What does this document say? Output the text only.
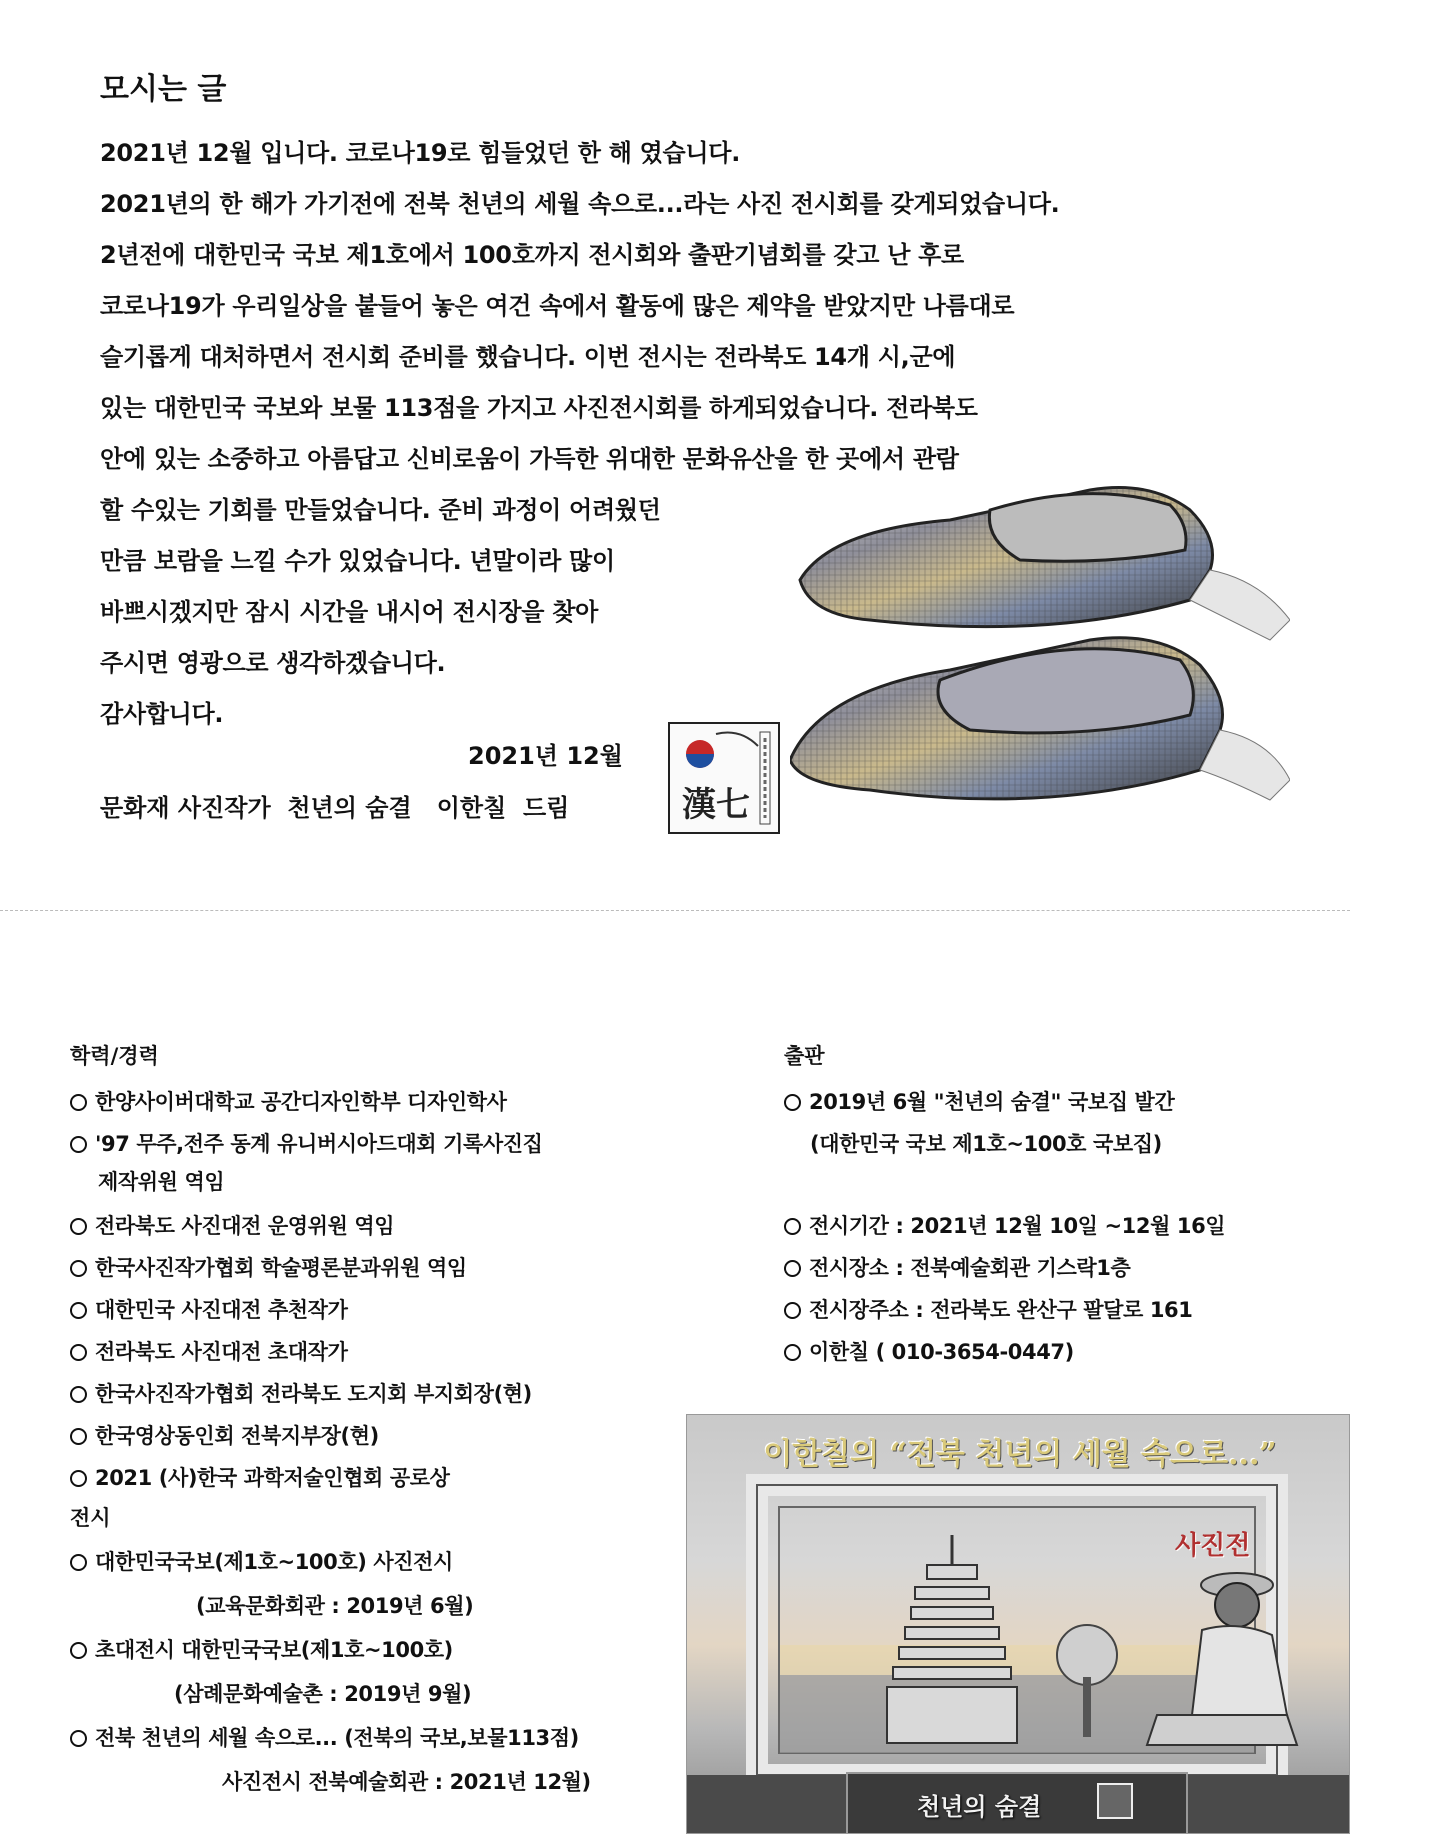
모시는 글
2021년 12월 입니다. 코로나19로 힘들었던 한 해 였습니다.
2021년의 한 해가 가기전에 전북 천년의 세월 속으로...라는 사진 전시회를 갖게되었습니다.
2년전에 대한민국 국보 제1호에서 100호까지 전시회와 출판기념회를 갖고 난 후로
코로나19가 우리일상을 붙들어 놓은 여건 속에서 활동에 많은 제약을 받았지만 나름대로
슬기롭게 대처하면서 전시회 준비를 했습니다. 이번 전시는 전라북도 14개 시,군에
있는 대한민국 국보와 보물 113점을 가지고 사진전시회를 하게되었습니다. 전라북도
안에 있는 소중하고 아름답고 신비로움이 가득한 위대한 문화유산을 한 곳에서 관람
할 수있는 기회를 만들었습니다. 준비 과정이 어려웠던
만큼 보람을 느낄 수가 있었습니다. 년말이라 많이
바쁘시겠지만 잠시 시간을 내시어 전시장을 찾아
주시면 영광으로 생각하겠습니다.
감사합니다.
2021년 12월
문화재 사진작가  천년의 숨결   이한칠  드림	漢七
학력/경력
한양사이버대학교 공간디자인학부 디자인학사
'97 무주,전주 동계 유니버시아드대회 기록사진집
제작위원 역임
전라북도 사진대전 운영위원 역임
한국사진작가협회 학술평론분과위원 역임
대한민국 사진대전 추천작가
전라북도 사진대전 초대작가
한국사진작가협회 전라북도 도지회 부지회장(현)
한국영상동인회 전북지부장(현)
2021 (사)한국 과학저술인협회 공로상
전시
대한민국국보(제1호~100호) 사진전시
(교육문화회관 : 2019년 6월)
초대전시 대한민국국보(제1호~100호)
(삼례문화예술촌 : 2019년 9월)
전북 천년의 세월 속으로... (전북의 국보,보물113점)
사진전시 전북예술회관 : 2021년 12월)
출판
2019년 6월 "천년의 숨결" 국보집 발간
(대한민국 국보 제1호~100호 국보집)
전시기간 : 2021년 12월 10일 ~12월 16일
전시장소 : 전북예술회관 기스락1층
전시장주소 : 전라북도 완산구 팔달로 161
이한칠 ( 010-3654-0447)
이한칠의 “전북 천년의 세월 속으로...”
사진전
천년의 숨결
